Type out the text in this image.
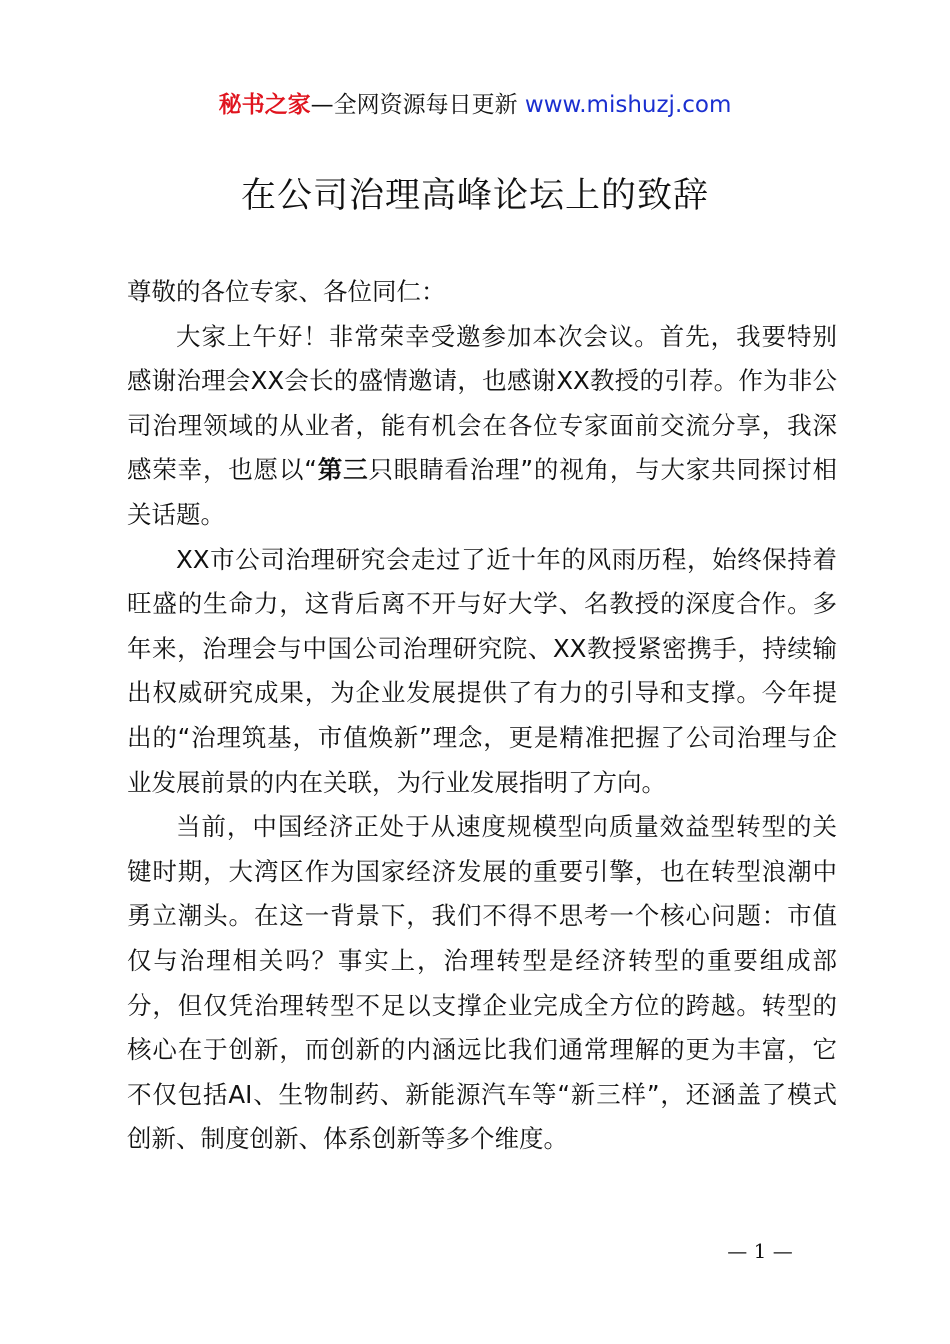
秘书之家—全网资源每日更新 www.mishuzj.com
在公司治理高峰论坛上的致辞

尊敬的各位专家、各位同仁：

大家上午好！非常荣幸受邀参加本次会议。首先，我要特别感谢治理会XX会长的盛情邀请，也感谢XX教授的引荐。作为非公司治理领域的从业者，能有机会在各位专家面前交流分享，我深感荣幸，也愿以“第三只眼睛看治理”的视角，与大家共同探讨相关话题。

XX市公司治理研究会走过了近十年的风雨历程，始终保持着旺盛的生命力，这背后离不开与好大学、名教授的深度合作。多年来，治理会与中国公司治理研究院、XX教授紧密携手，持续输出权威研究成果，为企业发展提供了有力的引导和支撑。今年提出的“治理筑基，市值焕新”理念，更是精准把握了公司治理与企业发展前景的内在关联，为行业发展指明了方向。

当前，中国经济正处于从速度规模型向质量效益型转型的关键时期，大湾区作为国家经济发展的重要引擎，也在转型浪潮中勇立潮头。在这一背景下，我们不得不思考一个核心问题：市值仅与治理相关吗？事实上，治理转型是经济转型的重要组成部分，但仅凭治理转型不足以支撑企业完成全方位的跨越。转型的核心在于创新，而创新的内涵远比我们通常理解的更为丰富，它不仅包括AI、生物制药、新能源汽车等“新三样”，还涵盖了模式创新、制度创新、体系创新等多个维度。

— 1 —
